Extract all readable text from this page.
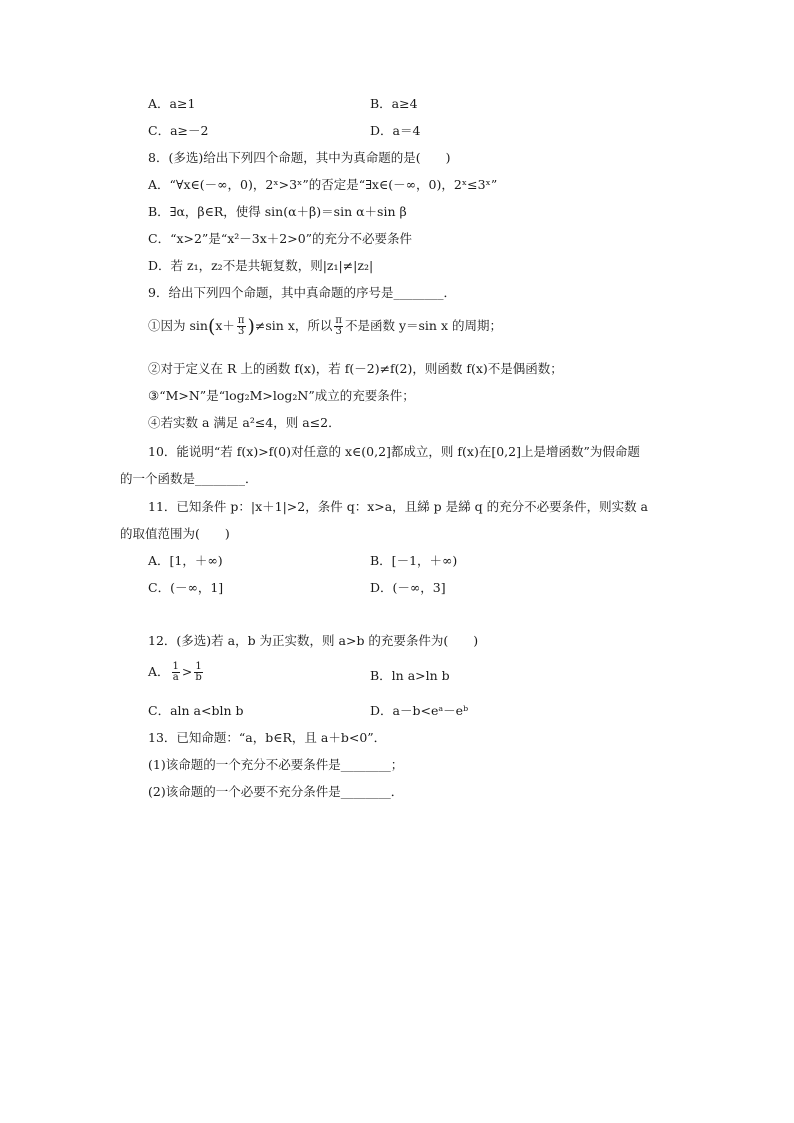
A．a≥1	B．a≥4
C．a≥－2	D．a＝4
8．(多选)给出下列四个命题，其中为真命题的是(　　)
A．“∀x∈(－∞，0)，2ˣ>3ˣ”的否定是“∃x∈(－∞，0)，2ˣ≤3ˣ”
B．∃α，β∈R，使得 sin(α＋β)＝sin α＋sin β
C．“x>2”是“x²－3x＋2>0”的充分不必要条件
D．若 z₁，z₂不是共轭复数，则|z₁|≠|z₂|
9．给出下列四个命题，其中真命题的序号是________．
①因为 $\sin(x+ \frac{\pi}{3} )\ne\sin$ x，所以 $\frac{\pi}{3}$ 不是函数 y＝sin x 的周期；
②对于定义在 R 上的函数 f(x)，若 f(－2)≠f(2)，则函数 f(x)不是偶函数；
③“M>N”是“log₂M>log₂N”成立的充要条件；
④若实数 a 满足 a²≤4，则 a≤2．
10．能说明“若 f(x)>f(0)对任意的 x∈(0,2]都成立，则 f(x)在[0,2]上是增函数”为假命题
的一个函数是________．
11．已知条件 p：|x＋1|>2，条件 q：x>a，且綈 p 是綈 q 的充分不必要条件，则实数 a
的取值范围为(　　)
A．[1，＋∞)	B．[－1，＋∞)
C．(－∞，1]	D．(－∞，3]
12．(多选)若 a，b 为正实数，则 a>b 的充要条件为(　　)
A． $\frac{1}{a} > \frac{1}{b}$	B．ln a>ln b
C．aln a<bln b	D．a－b<eᵃ－eᵇ
13．已知命题：“a，b∈R，且 a＋b<0”．
(1)该命题的一个充分不必要条件是________；
(2)该命题的一个必要不充分条件是________．
